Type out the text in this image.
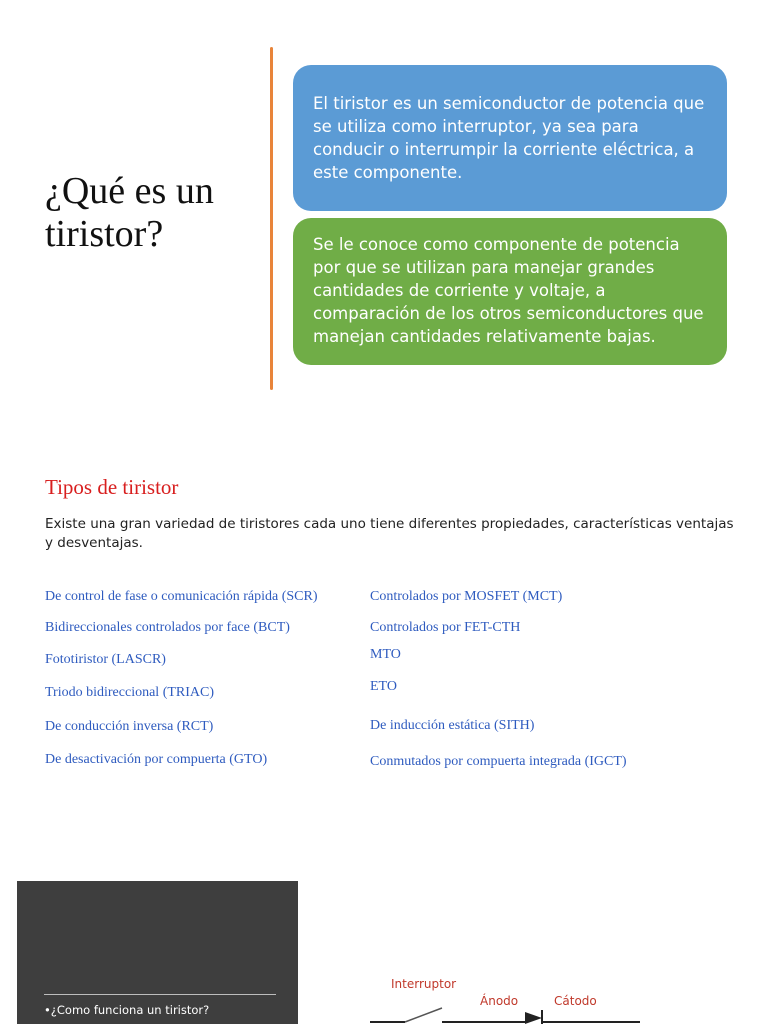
¿Qué es un tiristor?
El tiristor es un semiconductor de potencia que se utiliza como interruptor, ya sea para conducir o interrumpir la corriente eléctrica, a este componente.
Se le conoce como componente de potencia por que se utilizan para manejar grandes cantidades de corriente y voltaje, a comparación de los otros semiconductores que manejan cantidades relativamente bajas.
Tipos de tiristor

Existe una gran variedad de tiristores cada uno tiene diferentes propiedades, características ventajas y desventajas.

De control de fase o comunicación rápida (SCR)

Bidireccionales controlados por face (BCT)

Fototiristor (LASCR)

Triodo bidireccional (TRIAC)

De conducción inversa (RCT)

De desactivación por compuerta (GTO)

Controlados por MOSFET (MCT)

Controlados por FET-CTH

MTO

ETO

De inducción estática (SITH)

Conmutados por compuerta integrada (IGCT)

•¿Como funciona un tiristor?

Interruptor

Ánodo	Cátodo
